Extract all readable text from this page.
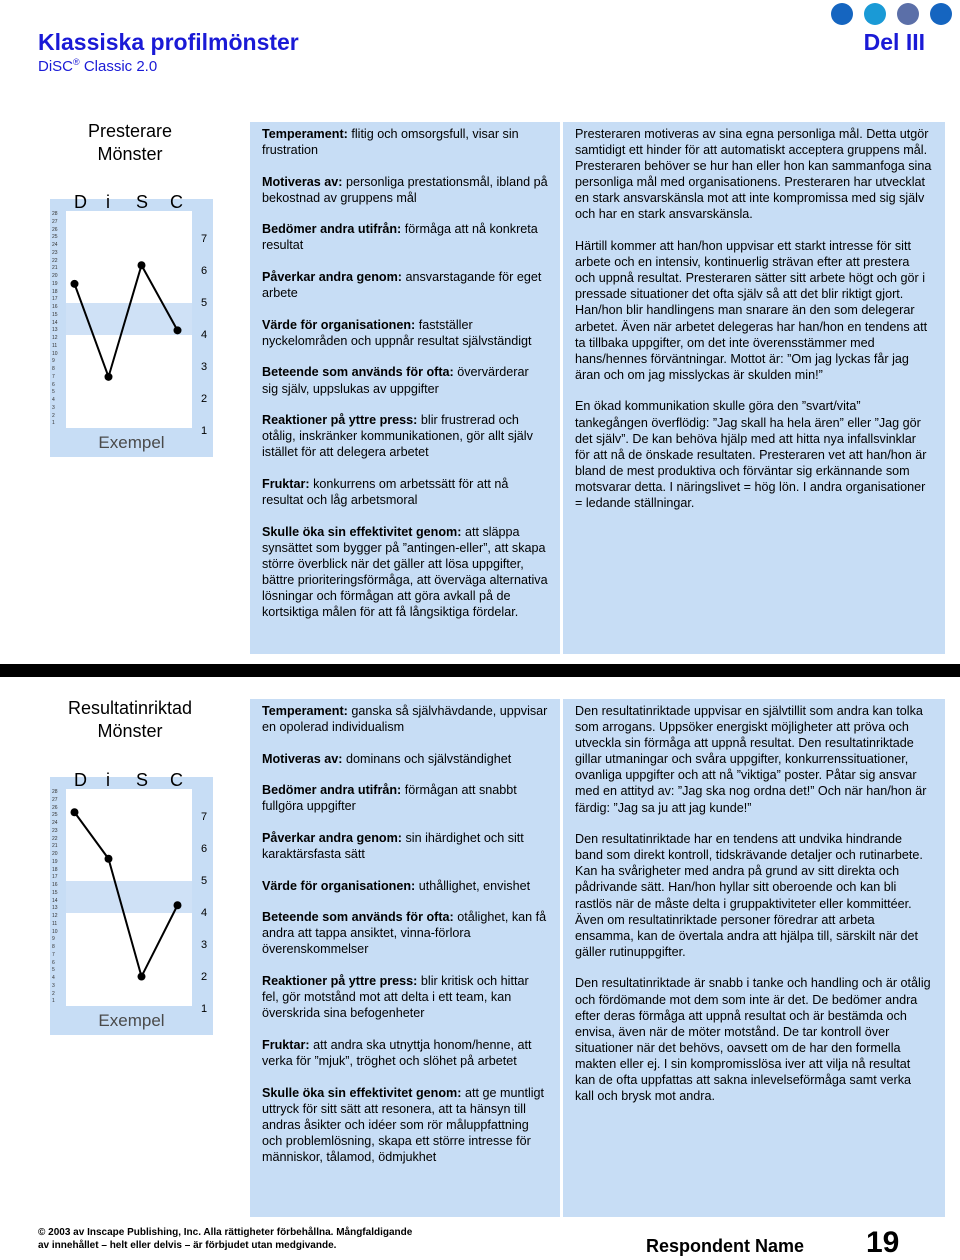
Klassiska profilmönster
DiSC® Classic 2.0
Del III
Presterare
Mönster
D i S C
28
27
26
25
24
23
22
21
20
19
18
17
16
15
14
13
12
11
10
9
8
7
6
5
4
3
2
1
7
6
5
4
3
2
1
Exempel

Temperament: flitig och omsorgsfull, visar sin frustration

Motiveras av: personliga prestationsmål, ibland på bekostnad av gruppens mål

Bedömer andra utifrån: förmåga att nå konkreta resultat

Påverkar andra genom: ansvarstagande för eget arbete

Värde för organisationen: fastställer nyckelområden och uppnår resultat självständigt

Beteende som används för ofta: övervärderar sig själv, uppslukas av uppgifter

Reaktioner på yttre press: blir frustrerad och otålig, inskränker kommunikationen, gör allt själv istället för att delegera arbetet

Fruktar: konkurrens om arbetssätt för att nå resultat och låg arbetsmoral

Skulle öka sin effektivitet genom: att släppa synsättet som bygger på ”antingen-eller”, att skapa större överblick när det gäller att lösa uppgifter, bättre prioriteringsförmåga, att överväga alternativa lösningar och förmågan att göra avkall på de kortsiktiga målen för att få långsiktiga fördelar.

Presteraren motiveras av sina egna personliga mål. Detta utgör samtidigt ett hinder för att automatiskt acceptera gruppens mål. Presteraren behöver se hur han eller hon kan sammanfoga sina personliga mål med organisationens. Presteraren har utvecklat en stark ansvarskänsla mot att inte kompromissa med sig själv och har en stark ansvarskänsla.

Härtill kommer att han/hon uppvisar ett starkt intresse för sitt arbete och en intensiv, kontinuerlig strävan efter att prestera och uppnå resultat. Presteraren sätter sitt arbete högt och gör i pressade situationer det ofta själv så att det blir riktigt gjort. Han/hon blir handlingens man snarare än den som delegerar arbetet. Även när arbetet delegeras har han/hon en tendens att ta tillbaka uppgifter, om det inte överensstämmer med hans/hennes förväntningar. Mottot är: ”Om jag lyckas får jag äran och om jag misslyckas är skulden min!”

En ökad kommunikation skulle göra den ”svart/vita” tankegången överflödig: ”Jag skall ha hela ären” eller ”Jag gör det själv”. De kan behöva hjälp med att hitta nya infallsvinklar för att nå de önskade resultaten. Presteraren vet att han/hon är bland de mest produktiva och förväntar sig erkännande som motsvarar detta. I näringslivet = hög lön. I andra organisationer = ledande ställningar.

Resultatinriktad
Mönster
D i S C
28
27
26
25
24
23
22
21
20
19
18
17
16
15
14
13
12
11
10
9
8
7
6
5
4
3
2
1
7
6
5
4
3
2
1
Exempel

Temperament: ganska så självhävdande, uppvisar en opolerad individualism

Motiveras av: dominans och självständighet

Bedömer andra utifrån: förmågan att snabbt fullgöra uppgifter

Påverkar andra genom: sin ihärdighet och sitt karaktärsfasta sätt

Värde för organisationen: uthållighet, envishet

Beteende som används för ofta: otålighet, kan få andra att tappa ansiktet, vinna-förlora överenskommelser

Reaktioner på yttre press: blir kritisk och hittar fel, gör motstånd mot att delta i ett team, kan överskrida sina befogenheter

Fruktar: att andra ska utnyttja honom/henne, att verka för ”mjuk”, tröghet och slöhet på arbetet

Skulle öka sin effektivitet genom: att ge muntligt uttryck för sitt sätt att resonera, att ta hänsyn till andras åsikter och idéer som rör måluppfattning och problemlösning, skapa ett större intresse för människor, tålamod, ödmjukhet

Den resultatinriktade uppvisar en självtillit som andra kan tolka som arrogans. Uppsöker energiskt möjligheter att pröva och utveckla sin förmåga att uppnå resultat. Den resultatinriktade gillar utmaningar och svåra uppgifter, konkurrenssituationer, ovanliga uppgifter och att nå ”viktiga” poster. Påtar sig ansvar med en attityd av: ”Jag ska nog ordna det!” Och när han/hon är färdig: ”Jag sa ju att jag kunde!”

Den resultatinriktade har en tendens att undvika hindrande band som direkt kontroll, tidskrävande detaljer och rutinarbete. Kan ha svårigheter med andra på grund av sitt direkta och pådrivande sätt. Han/hon hyllar sitt oberoende och kan bli rastlös när de måste delta i gruppaktiviteter eller kommittéer. Även om resultatinriktade personer föredrar att arbeta ensamma, kan de övertala andra att hjälpa till, särskilt när det gäller rutinuppgifter.

Den resultatinriktade är snabb i tanke och handling och är otålig och fördömande mot dem som inte är det. De bedömer andra efter deras förmåga att uppnå resultat och är bestämda och envisa, även när de möter motstånd. De tar kontroll över situationer när det behövs, oavsett om de har den formella makten eller ej. I sin kompromisslösa iver att vilja nå resultat kan de ofta uppfattas att sakna inlevelseförmåga samt verka kall och brysk mot andra.

© 2003 av Inscape Publishing, Inc. Alla rättigheter förbehållna. Mångfaldigande
av innehållet – helt eller delvis – är förbjudet utan medgivande.	Respondent Name 19
